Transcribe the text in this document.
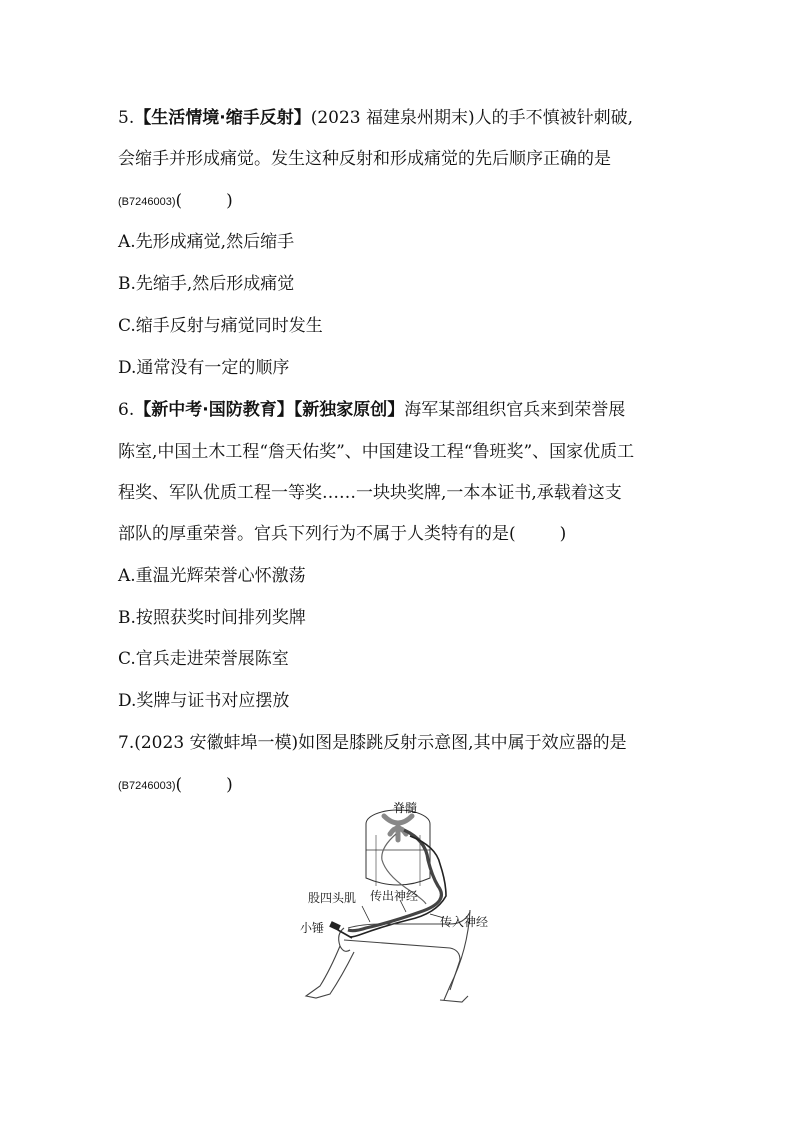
5.【生活情境·缩手反射】(2023 福建泉州期末)人的手不慎被针刺破,
会缩手并形成痛觉。发生这种反射和形成痛觉的先后顺序正确的是
(B7246003)(	)
A.先形成痛觉,然后缩手
B.先缩手,然后形成痛觉
C.缩手反射与痛觉同时发生
D.通常没有一定的顺序
6.【新中考·国防教育】【新独家原创】海军某部组织官兵来到荣誉展
陈室,中国土木工程“詹天佑奖”、中国建设工程“鲁班奖”、国家优质工
程奖、军队优质工程一等奖……一块块奖牌,一本本证书,承载着这支
部队的厚重荣誉。官兵下列行为不属于人类特有的是(	)
A.重温光辉荣誉心怀激荡
B.按照获奖时间排列奖牌
C.官兵走进荣誉展陈室
D.奖牌与证书对应摆放
7.(2023 安徽蚌埠一模)如图是膝跳反射示意图,其中属于效应器的是
(B7246003)(	)
脊髓
股四头肌 传出神经
小锤	传入神经
